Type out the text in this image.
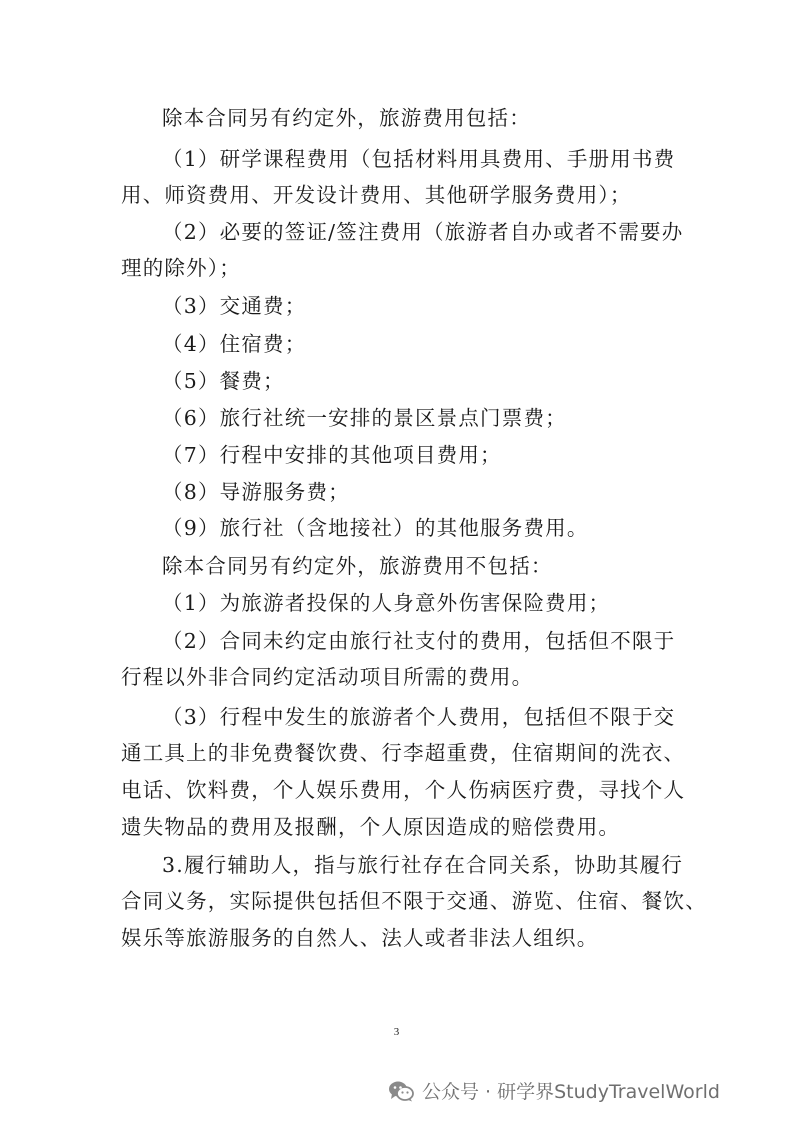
除本合同另有约定外，旅游费用包括：
（1）研学课程费用（包括材料用具费用、手册用书费
用、师资费用、开发设计费用、其他研学服务费用）；
（2）必要的签证/签注费用（旅游者自办或者不需要办
理的除外）；
（3）交通费；
（4）住宿费；
（5）餐费；
（6）旅行社统一安排的景区景点门票费；
（7）行程中安排的其他项目费用；
（8）导游服务费；
（9）旅行社（含地接社）的其他服务费用。
除本合同另有约定外，旅游费用不包括：
（1）为旅游者投保的人身意外伤害保险费用；
（2）合同未约定由旅行社支付的费用，包括但不限于
行程以外非合同约定活动项目所需的费用。
（3）行程中发生的旅游者个人费用，包括但不限于交
通工具上的非免费餐饮费、行李超重费，住宿期间的洗衣、
电话、饮料费，个人娱乐费用，个人伤病医疗费，寻找个人
遗失物品的费用及报酬，个人原因造成的赔偿费用。
3.履行辅助人，指与旅行社存在合同关系，协助其履行
合同义务，实际提供包括但不限于交通、游览、住宿、餐饮、
娱乐等旅游服务的自然人、法人或者非法人组织。
3
公众号 · 研学界StudyTravelWorld
